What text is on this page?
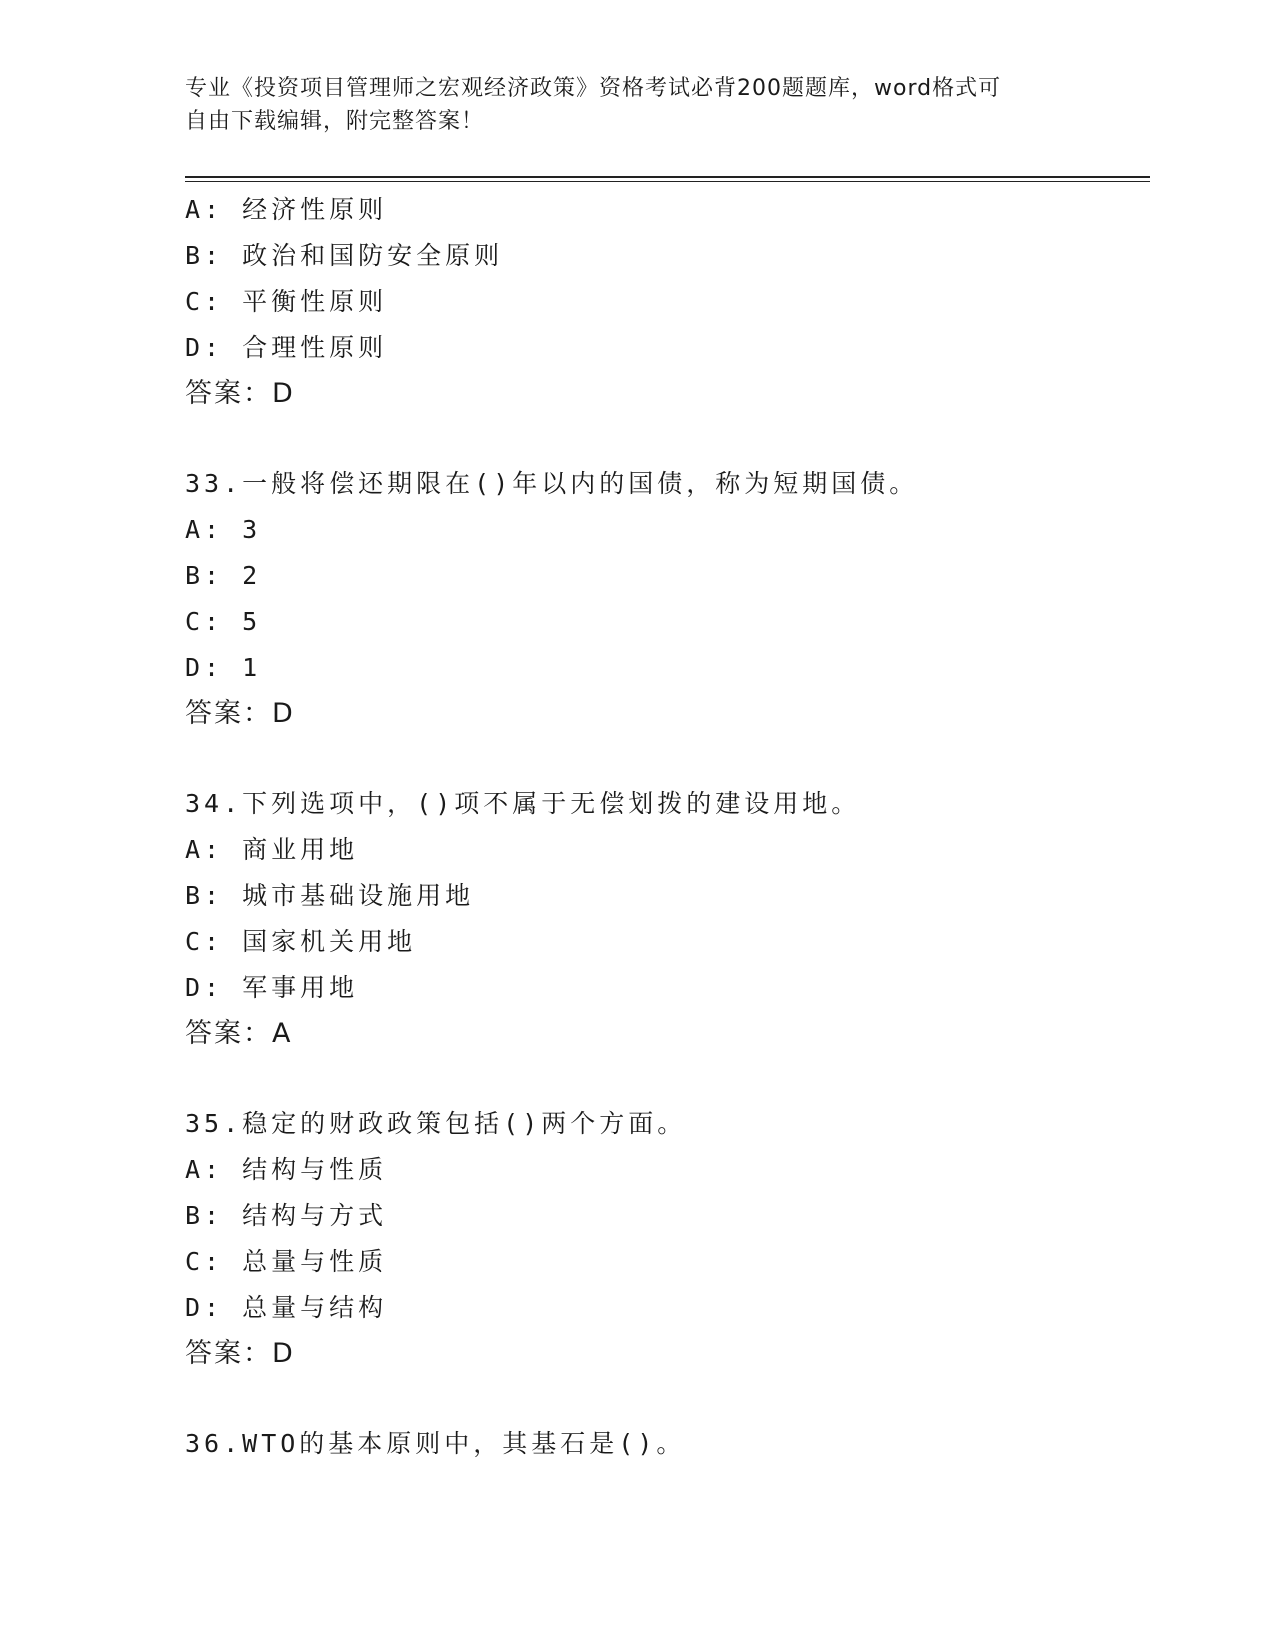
专业《投资项目管理师之宏观经济政策》资格考试必背200题题库，word格式可
自由下载编辑，附完整答案！
A: 经济性原则
B: 政治和国防安全原则
C: 平衡性原则
D: 合理性原则
答案：D
33.一般将偿还期限在()年以内的国债，称为短期国债。
A: 3
B: 2
C: 5
D: 1
答案：D
34.下列选项中，()项不属于无偿划拨的建设用地。
A: 商业用地
B: 城市基础设施用地
C: 国家机关用地
D: 军事用地
答案：A
35.稳定的财政政策包括()两个方面。
A: 结构与性质
B: 结构与方式
C: 总量与性质
D: 总量与结构
答案：D
36.WTO的基本原则中，其基石是()。
